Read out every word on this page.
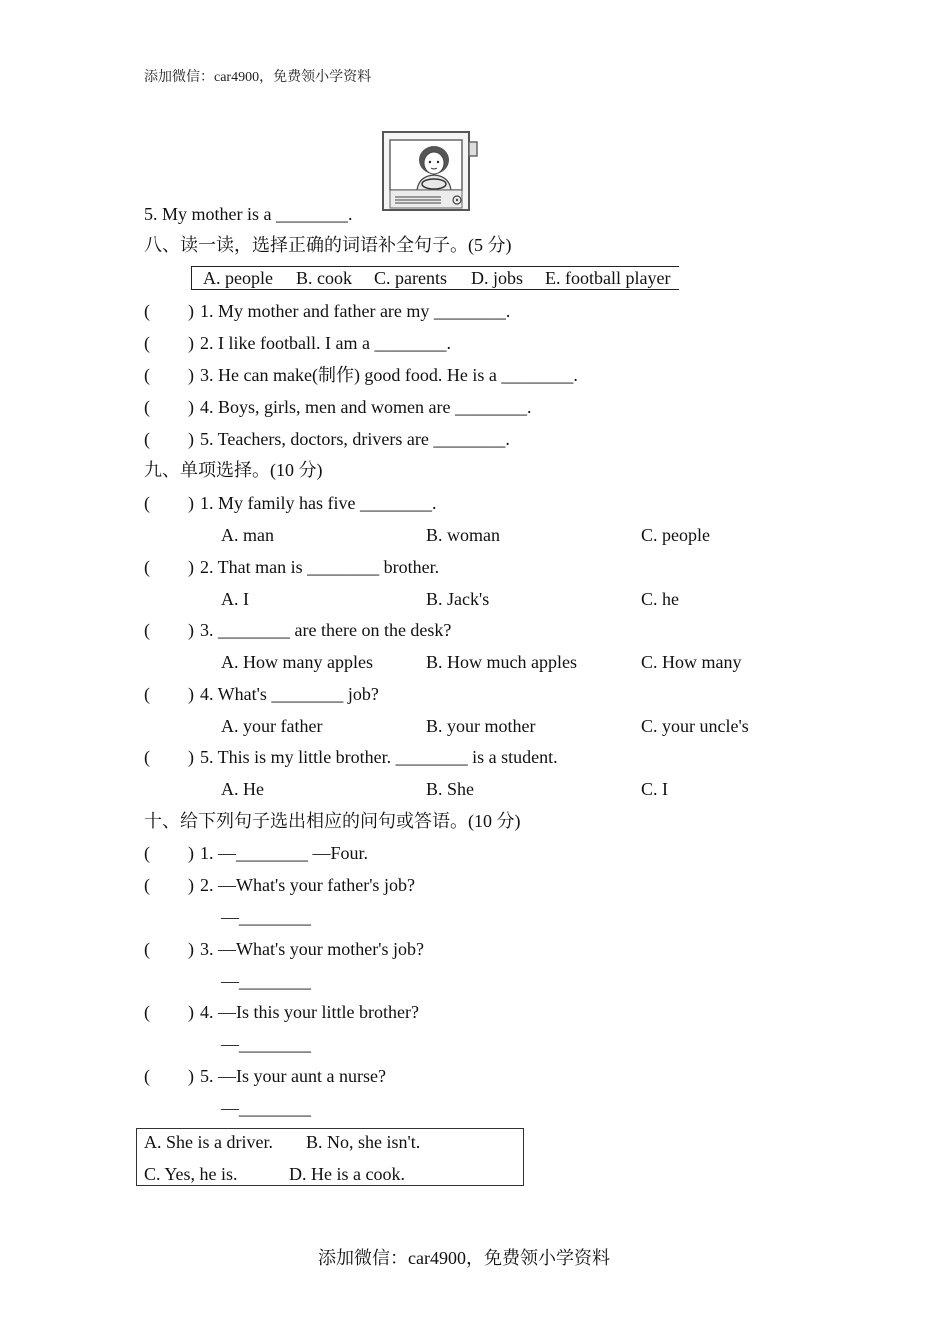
添加微信：car4900，免费领小学资料
5. My mother is a ________.
八、读一读，选择正确的词语补全句子。(5 分)
A. people B. cook C. parents D. jobs E. football player
( ) 1. My mother and father are my ________.
( ) 2. I like football. I am a ________.
( ) 3. He can make(制作) good food. He is a ________.
( ) 4. Boys, girls, men and women are ________.
( ) 5. Teachers, doctors, drivers are ________.
九、单项选择。(10 分)
( ) 1. My family has five ________.
A. man	B. woman	C. people
( ) 2. That man is ________ brother.
A. I	B. Jack's	C. he
( ) 3. ________ are there on the desk?
A. How many apples	B. How much apples	C. How many
( ) 4. What's ________ job?
A. your father	B. your mother	C. your uncle's
( ) 5. This is my little brother. ________ is a student.
A. He	B. She	C. I
十、给下列句子选出相应的问句或答语。(10 分)
( ) 1. —________ —Four.
( ) 2. —What's your father's job?
—________
( ) 3. —What's your mother's job?
—________
( ) 4. —Is this your little brother?
—________
( ) 5. —Is your aunt a nurse?
—________
A. She is a driver. B. No, she isn't.
C. Yes, he is.	D. He is a cook.
添加微信：car4900，免费领小学资料
